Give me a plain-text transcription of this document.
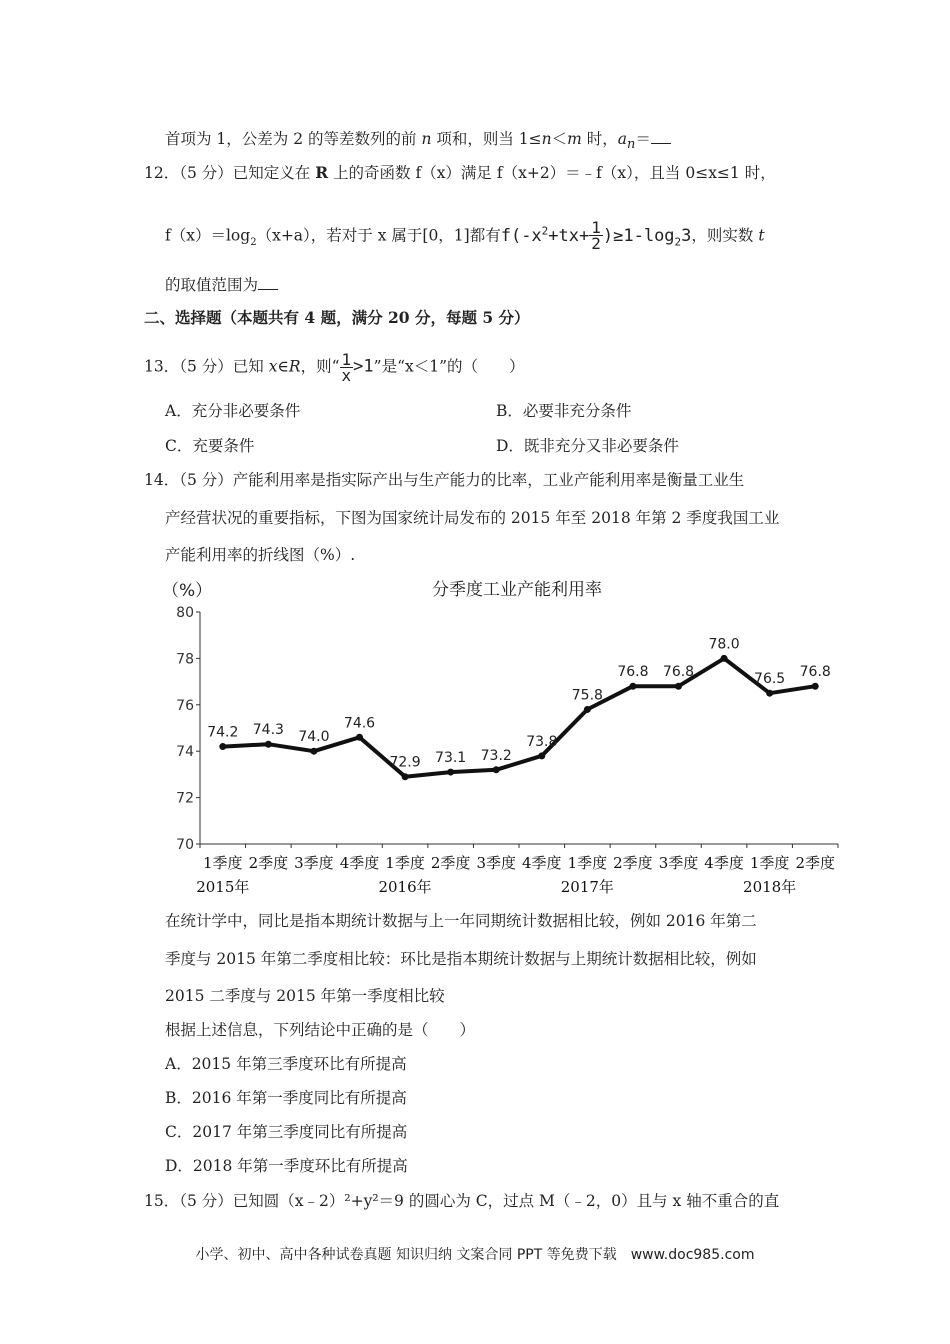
首项为 1，公差为 2 的等差数列的前 n 项和，则当 1≤n＜m 时，$a_n=$
12．（5 分）已知定义在 R 上的奇函数 f（x）满足 f（x+2）＝﹣f（x），且当 0≤x≤1 时，
$f(x)=\log_2(x+a)$，若对于 x 属于[0，1]都有$f(-x^2+tx+ \frac{1}{2} )\ge 1-\log_23$，则实数 t
的取值范围为
二、选择题（本题共有 4 题，满分 20 分，每题 5 分）
13．（5 分）已知 x∈R，则“ $\frac{1}{x} >1$”是“x＜1”的（　　）
A．充分非必要条件	B．必要非充分条件
C．充要条件	D．既非充分又非必要条件
14．（5 分）产能利用率是指实际产出与生产能力的比率，工业产能利用率是衡量工业生
产经营状况的重要指标，下图为国家统计局发布的 2015 年至 2018 年第 2 季度我国工业
产能利用率的折线图（%）.
分季度工业产能利用率
（%）
70
72
74
76
78
80
1季度 2季度 3季度 4季度 1季度 2季度 3季度 4季度 1季度 2季度 3季度 4季度 1季度 2季度
2015年	2016年	2017年	2018年
74.2 74.3 74.0
74.6
72.9 73.1 73.2
73.8
75.8
76.8 76.8
78.0
76.5 76.8
在统计学中，同比是指本期统计数据与上一年同期统计数据相比较，例如 2016 年第二
季度与 2015 年第二季度相比较：环比是指本期统计数据与上期统计数据相比较，例如
2015 二季度与 2015 年第一季度相比较
根据上述信息，下列结论中正确的是（　　）
A．2015 年第三季度环比有所提高
B．2016 年第一季度同比有所提高
C．2017 年第三季度同比有所提高
D．2018 年第一季度环比有所提高
15．（5 分）已知圆（x﹣2）²+y²＝9 的圆心为 C，过点 M（﹣2，0）且与 x 轴不重合的直
小学、初中、高中各种试卷真题 知识归纳 文案合同 PPT 等免费下载　www.doc985.com
